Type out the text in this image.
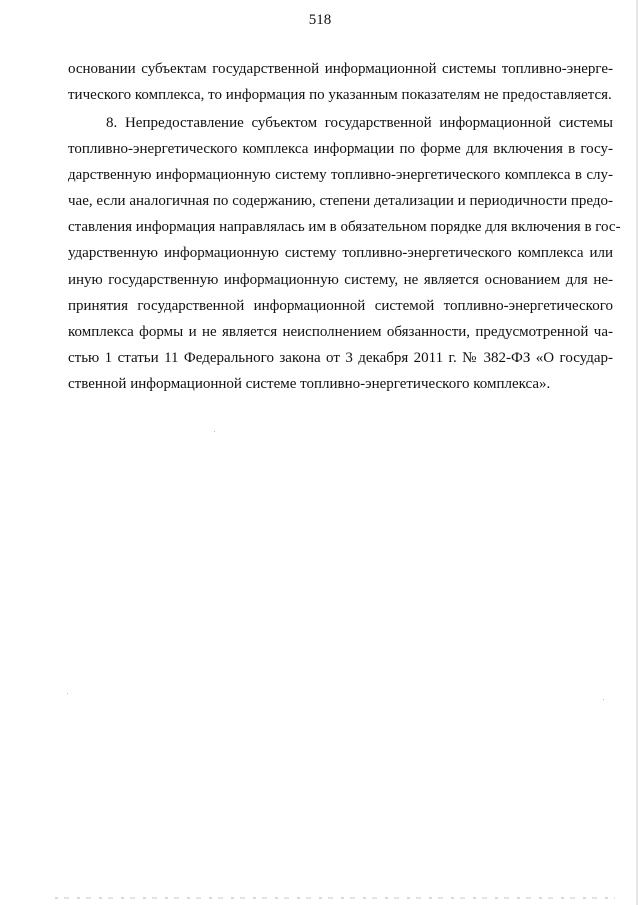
518
основании субъектам государственной информационной системы топливно-энерге-
тического комплекса, то информация по указанным показателям не предоставляется.
8. Непредоставление субъектом государственной информационной системы
топливно-энергетического комплекса информации по форме для включения в госу-
дарственную информационную систему топливно-энергетического комплекса в слу-
чае, если аналогичная по содержанию, степени детализации и периодичности предо-
ставления информация направлялась им в обязательном порядке для включения в гос-
ударственную информационную систему топливно-энергетического комплекса или
иную государственную информационную систему, не является основанием для не-
принятия государственной информационной системой топливно-энергетического
комплекса формы и не является неисполнением обязанности, предусмотренной ча-
стью 1 статьи 11 Федерального закона от 3 декабря 2011 г. № 382-ФЗ «О государ-
ственной информационной системе топливно-энергетического комплекса».
